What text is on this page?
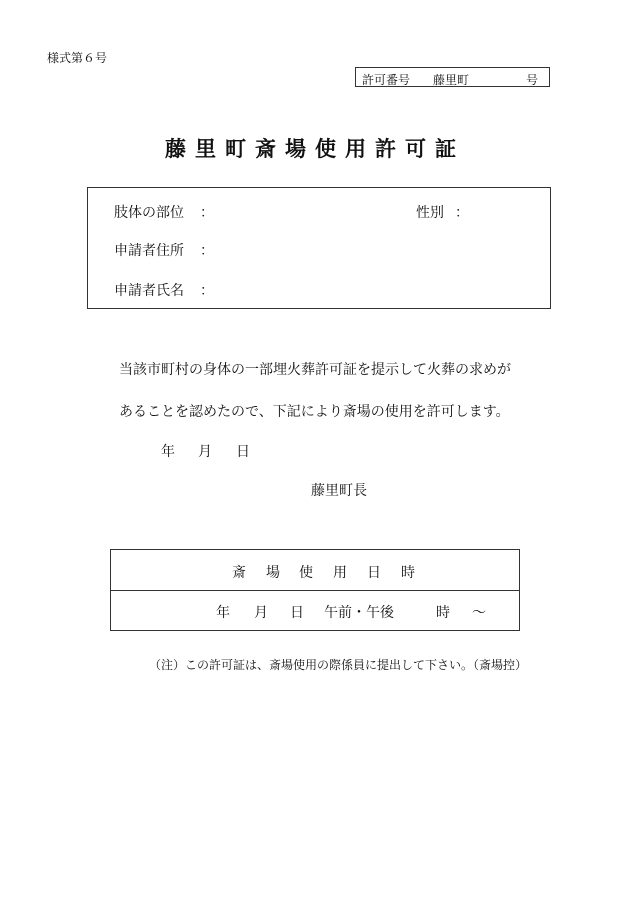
様式第６号
許可番号 藤里町	号
藤里町斎場使用許可証
肢体の部位 ：	性別 ：
申請者住所 ：
申請者氏名 ：
当該市町村の身体の一部埋火葬許可証を提示して火葬の求めが
あることを認めたので、下記により斎場の使用を許可します。
年 月 日
藤里町長
斎 場 使 用 日 時
年 月 日 午前・午後	時 ～
（注）この許可証は、斎場使用の際係員に提出して下さい。（斎場控）
